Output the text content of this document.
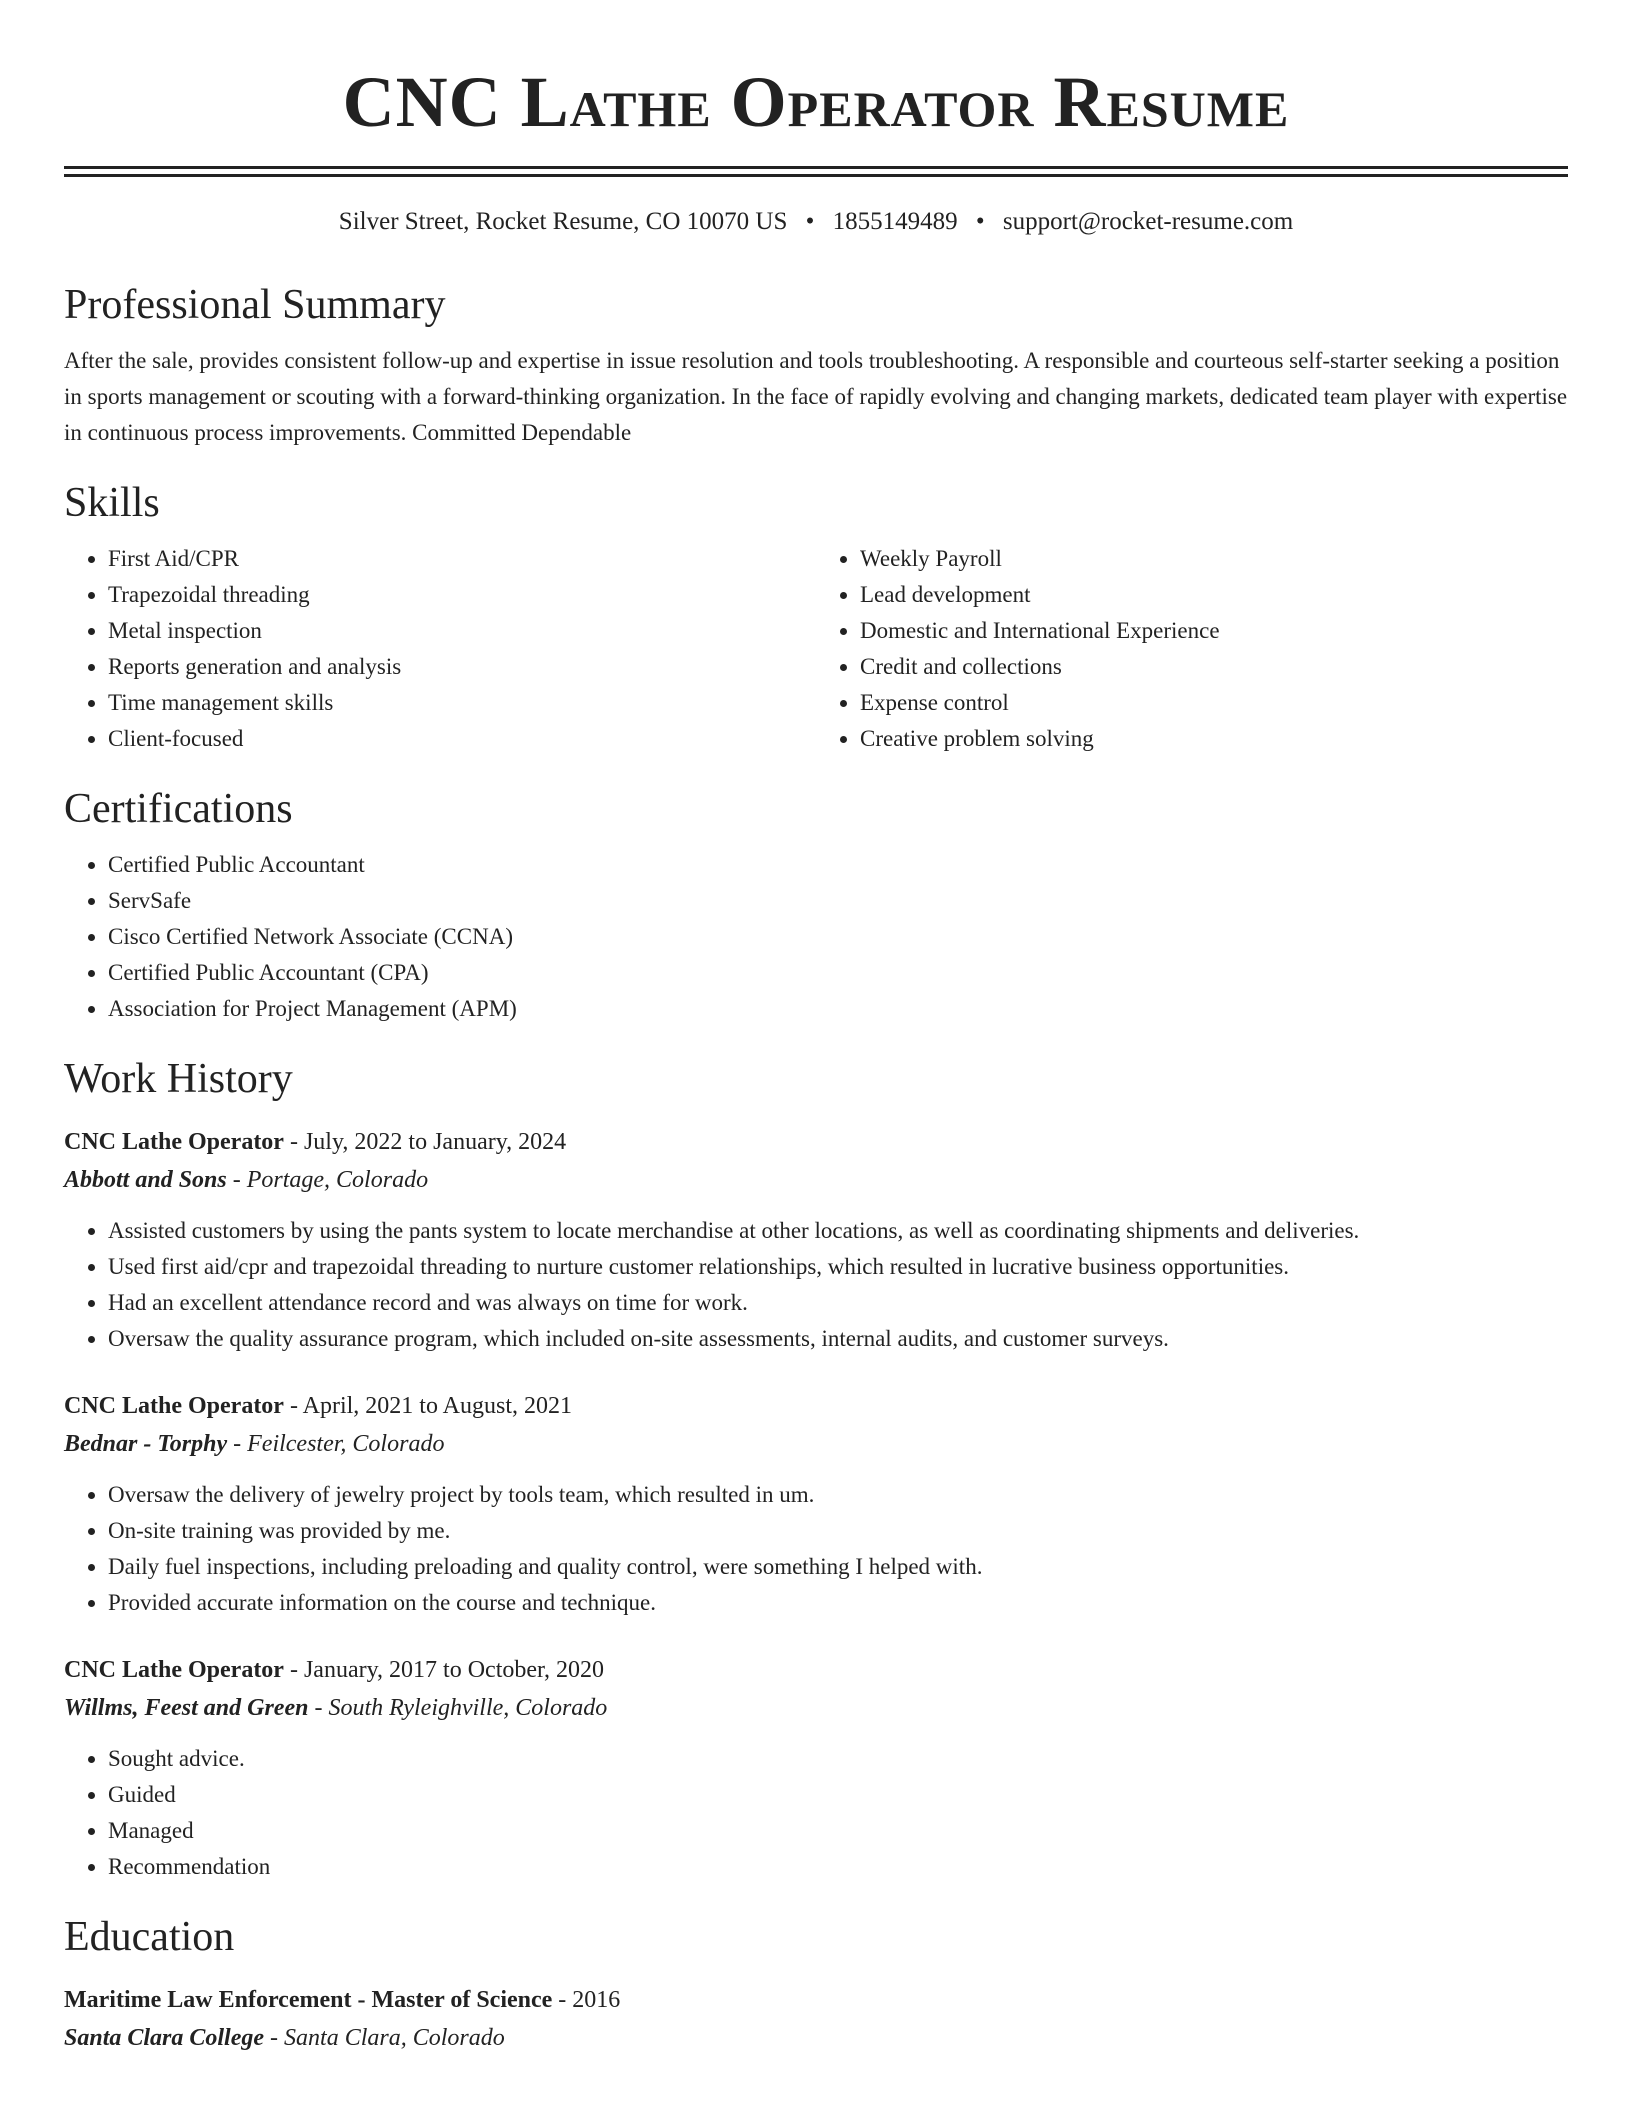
CNC Lathe Operator Resume
Silver Street, Rocket Resume, CO 10070 US • 1855149489 • support@rocket-resume.com
Professional Summary
After the sale, provides consistent follow-up and expertise in issue resolution and tools troubleshooting. A responsible and courteous self-starter seeking a position in sports management or scouting with a forward-thinking organization. In the face of rapidly evolving and changing markets, dedicated team player with expertise in continuous process improvements. Committed Dependable
Skills
• First Aid/CPR
• Trapezoidal threading
• Metal inspection
• Reports generation and analysis
• Time management skills
• Client-focused
• Weekly Payroll
• Lead development
• Domestic and International Experience
• Credit and collections
• Expense control
• Creative problem solving
Certifications
• Certified Public Accountant
• ServSafe
• Cisco Certified Network Associate (CCNA)
• Certified Public Accountant (CPA)
• Association for Project Management (APM)
Work History
CNC Lathe Operator - July, 2022 to January, 2024
Abbott and Sons - Portage, Colorado
• Assisted customers by using the pants system to locate merchandise at other locations, as well as coordinating shipments and deliveries.
• Used first aid/cpr and trapezoidal threading to nurture customer relationships, which resulted in lucrative business opportunities.
• Had an excellent attendance record and was always on time for work.
• Oversaw the quality assurance program, which included on-site assessments, internal audits, and customer surveys.
CNC Lathe Operator - April, 2021 to August, 2021
Bednar - Torphy - Feilcester, Colorado
• Oversaw the delivery of jewelry project by tools team, which resulted in um.
• On-site training was provided by me.
• Daily fuel inspections, including preloading and quality control, were something I helped with.
• Provided accurate information on the course and technique.
CNC Lathe Operator - January, 2017 to October, 2020
Willms, Feest and Green - South Ryleighville, Colorado
• Sought advice.
• Guided
• Managed
• Recommendation
Education
Maritime Law Enforcement - Master of Science - 2016
Santa Clara College - Santa Clara, Colorado
